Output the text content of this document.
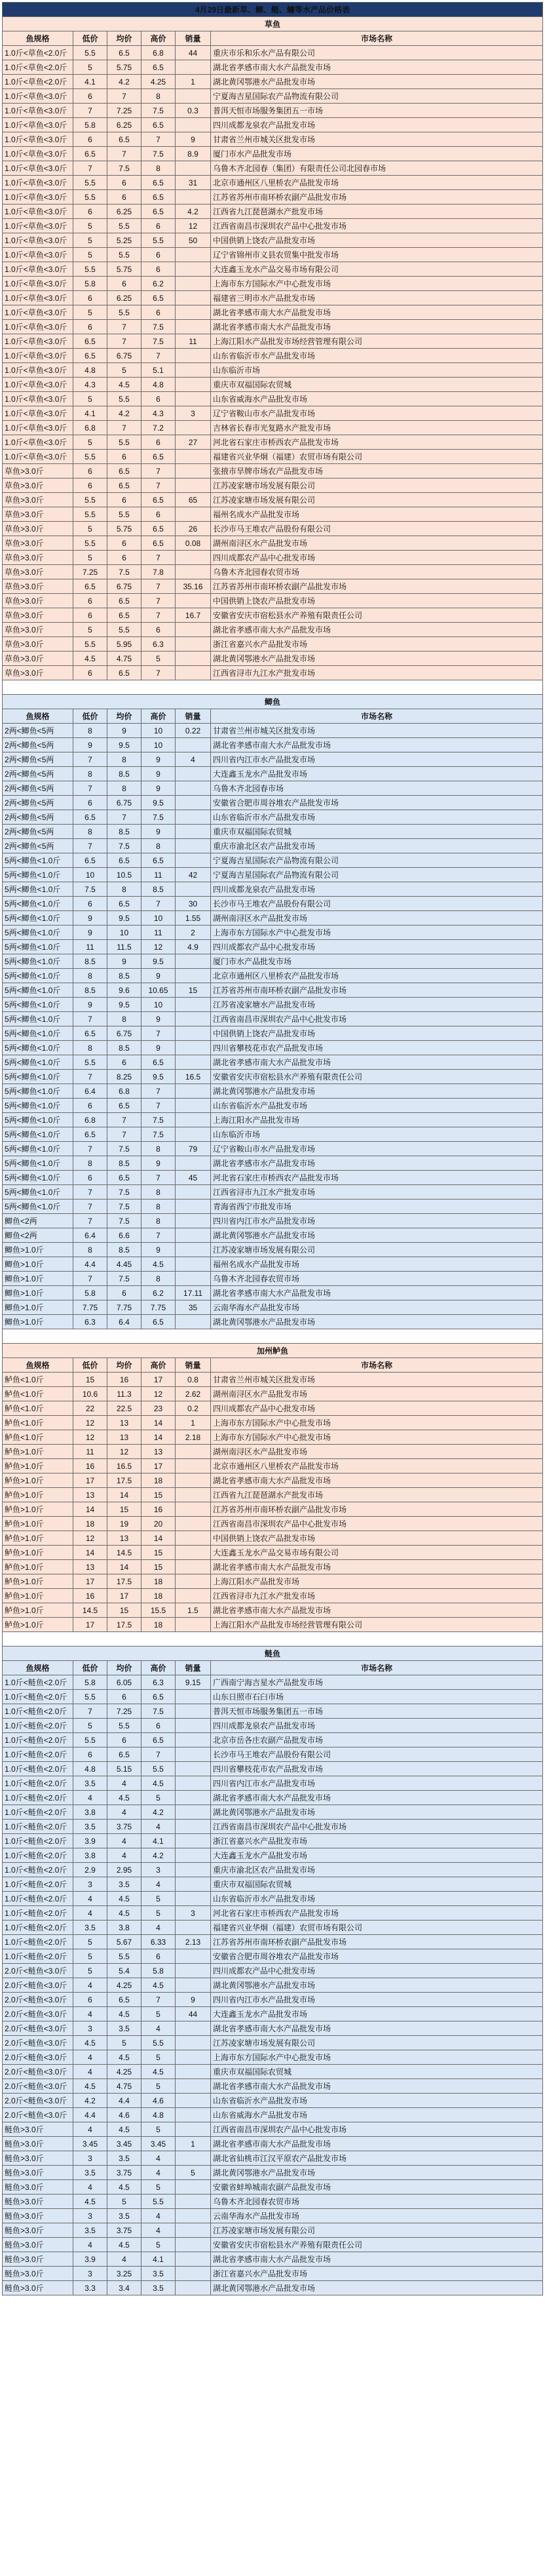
4月29日最新草、鲫、鲢、鳙等水产品价格表					
草鱼					
鱼规格	低价	均价	高价	销量	市场名称
1.0斤<草鱼<2.0斤	5.5	6.5	6.8	44	重庆市乐和乐水产品有限公司
1.0斤<草鱼<2.0斤	5	5.75	6.5		湖北省孝感市南大水产品批发市场
1.0斤<草鱼<2.0斤	4.1	4.2	4.25	1	湖北黄冈鄂港水产品批发市场
1.0斤<草鱼<3.0斤	6	7	8		宁夏海吉星国际农产品物流有限公司
1.0斤<草鱼<3.0斤	7	7.25	7.5	0.3	普洱天恒市场服务集团五一市场
1.0斤<草鱼<3.0斤	5.8	6.25	6.5		四川成都龙泉农产品批发市场
1.0斤<草鱼<3.0斤	6	6.5	7	9	甘肃省兰州市城关区批发市场
1.0斤<草鱼<3.0斤	6.5	7	7.5	8.9	厦门市水产品批发市场
1.0斤<草鱼<3.0斤	7	7.5	8		乌鲁木齐北园春（集团）有限责任公司北园春市场
1.0斤<草鱼<3.0斤	5.5	6	6.5	31	北京市通州区八里桥农产品批发市场
1.0斤<草鱼<3.0斤	5.5	6	6.5		江苏省苏州市南环桥农副产品批发市场
1.0斤<草鱼<3.0斤	6	6.25	6.5	4.2	江西省九江琵琶湖水产批发市场
1.0斤<草鱼<3.0斤	5	5.5	6	12	江西省南昌市深圳农产品中心批发市场
1.0斤<草鱼<3.0斤	5	5.25	5.5	50	中国供销上饶农产品批发市场
1.0斤<草鱼<3.0斤	5	5.5	6		辽宁省锦州市义县农贸集中批发市场
1.0斤<草鱼<3.0斤	5.5	5.75	6		大连鑫玉龙水产品交易市场有限公司
1.0斤<草鱼<3.0斤	5.8	6	6.2		上海市东方国际水产中心批发市场
1.0斤<草鱼<3.0斤	6	6.25	6.5		福建省三明市水产品批发市场
1.0斤<草鱼<3.0斤	5	5.5	6		湖北省孝感市南大水产品批发市场
1.0斤<草鱼<3.0斤	6	7	7.5		湖北省孝感市南大水产品批发市场
1.0斤<草鱼<3.0斤	6.5	7	7.5	11	上海江阳水产品批发市场经营管理有限公司
1.0斤<草鱼<3.0斤	6.5	6.75	7		山东省临沂市水产品批发市场
1.0斤<草鱼<3.0斤	4.8	5	5.1		山东临沂市场
1.0斤<草鱼<3.0斤	4.3	4.5	4.8		重庆市双福国际农贸城
1.0斤<草鱼<3.0斤	5	5.5	6		山东省威海水产品批发市场
1.0斤<草鱼<3.0斤	4.1	4.2	4.3	3	辽宁省鞍山市水产品批发市场
1.0斤<草鱼<3.0斤	6.8	7	7.2		吉林省长春市光复路水产批发市场
1.0斤<草鱼<3.0斤	5	5.5	6	27	河北省石家庄市桥西农产品批发市场
1.0斤<草鱼<3.0斤	5.5	6	6.5		福建省兴业华炯（福建）农贸市场有限公司
草鱼>3.0斤	6	6.5	7		张掖市旱牌市场农产品批发市场
草鱼>3.0斤	6	6.5	7		江苏凌家塘市场发展有限公司
草鱼>3.0斤	5.5	6	6.5	65	江苏凌家塘市场发展有限公司
草鱼>3.0斤	5.5	5.5	6		福州名成水产品批发市场
草鱼>3.0斤	5	5.75	6.5	26	长沙市马王堆农产品股份有限公司
草鱼>3.0斤	5.5	6	6.5	0.08	湖州南浔区水产品批发市场
草鱼>3.0斤	5	6	7		四川成都农产品中心批发市场
草鱼>3.0斤	7.25	7.5	7.8		乌鲁木齐北园春农贸市场
草鱼>3.0斤	6.5	6.75	7	35.16	江苏省苏州市南环桥农副产品批发市场
草鱼>3.0斤	6	6.5	7		中国供销上饶农产品批发市场
草鱼>3.0斤	6	6.5	7	16.7	安徽省安庆市宿松县水产养殖有限责任公司
草鱼>3.0斤	5	5.5	6		湖北省孝感市南大水产品批发市场
草鱼>3.0斤	5.5	5.95	6.3		浙江省嘉兴水产品批发市场
草鱼>3.0斤	4.5	4.75	5		湖北黄冈鄂港水产品批发市场
草鱼>3.0斤	6	6.5	7		江西省浔市九江水产批发市场

鲫鱼					
鱼规格	低价	均价	高价	销量	市场名称
2两<鲫鱼<5两	8	9	10	0.22	甘肃省兰州市城关区批发市场
2两<鲫鱼<5两	9	9.5	10		湖北省孝感市南大水产品批发市场
2两<鲫鱼<5两	7	8	9	4	四川省内江市水产品批发市场
2两<鲫鱼<5两	8	8.5	9		大连鑫玉龙水产品批发市场
2两<鲫鱼<5两	7	8	9		乌鲁木齐北园春市场
2两<鲫鱼<5两	6	6.75	9.5		安徽省合肥市周谷堆农产品批发市场
2两<鲫鱼<5两	6.5	7	7.5		山东省临沂市水产品批发市场
2两<鲫鱼<5两	8	8.5	9		重庆市双福国际农贸城
2两<鲫鱼<5两	7	7.5	8		重庆市渝北区农产品批发市场
5两<鲫鱼<1.0斤	6.5	6.5	6.5		宁夏海吉星国际农产品物流有限公司
5两<鲫鱼<1.0斤	10	10.5	11	42	宁夏海吉星国际农产品物流有限公司
5两<鲫鱼<1.0斤	7.5	8	8.5		四川成都龙泉农产品批发市场
5两<鲫鱼<1.0斤	6	6.5	7	30	长沙市马王堆农产品股份有限公司
5两<鲫鱼<1.0斤	9	9.5	10	1.55	湖州南浔区水产品批发市场
5两<鲫鱼<1.0斤	9	10	11	2	上海市东方国际水产中心批发市场
5两<鲫鱼<1.0斤	11	11.5	12	4.9	四川成都农产品中心批发市场
5两<鲫鱼<1.0斤	8.5	9	9.5		厦门市水产品批发市场
5两<鲫鱼<1.0斤	8	8.5	9		北京市通州区八里桥农产品批发市场
5两<鲫鱼<1.0斤	8.5	9.6	10.65	15	江苏省苏州市南环桥农副产品批发市场
5两<鲫鱼<1.0斤	9	9.5	10		江苏省凌家塘水产品批发市场
5两<鲫鱼<1.0斤	7	8	9		江西省南昌市深圳农产品中心批发市场
5两<鲫鱼<1.0斤	6.5	6.75	7		中国供销上饶农产品批发市场
5两<鲫鱼<1.0斤	8	8.5	9		四川省攀枝花市农产品批发市场
5两<鲫鱼<1.0斤	5.5	6	6.5		湖北省孝感市南大水产品批发市场
5两<鲫鱼<1.0斤	7	8.25	9.5	16.5	安徽省安庆市宿松县水产养殖有限责任公司
5两<鲫鱼<1.0斤	6.4	6.8	7		湖北黄冈鄂港水产品批发市场
5两<鲫鱼<1.0斤	6	6.5	7		山东省临沂水产品批发市场
5两<鲫鱼<1.0斤	6.8	7	7.5		上海江阳水产品批发市场
5两<鲫鱼<1.0斤	6.5	7	7.5		山东临沂市场
5两<鲫鱼<1.0斤	7	7.5	8	79	辽宁省鞍山市水产品批发市场
5两<鲫鱼<1.0斤	8	8.5	9		湖北省孝感市水产品批发市场
5两<鲫鱼<1.0斤	6	6.5	7	45	河北省石家庄市桥西农产品批发市场
5两<鲫鱼<1.0斤	7	7.5	8		江西省浔市九江水产批发市场
5两<鲫鱼<1.0斤	7	7.5	8		青海省西宁市批发市场
鲫鱼<2两	7	7.5	8		四川省内江市水产品批发市场
鲫鱼<2两	6.4	6.6	7		湖北黄冈鄂港水产品批发市场
鲫鱼>1.0斤	8	8.5	9		江苏凌家塘市场发展有限公司
鲫鱼>1.0斤	4.4	4.45	4.5		福州名成水产品批发市场
鲫鱼>1.0斤	7	7.5	8		乌鲁木齐北园春农贸市场
鲫鱼>1.0斤	5.8	6	6.2	17.11	湖北省孝感市南大水产品批发市场
鲫鱼>1.0斤	7.75	7.75	7.75	35	云南华海水产品批发市场
鲫鱼>1.0斤	6.3	6.4	6.5		湖北黄冈鄂港水产品批发市场

加州鲈鱼					
鱼规格	低价	均价	高价	销量	市场名称
鲈鱼<1.0斤	15	16	17	0.8	甘肃省兰州市城关区批发市场
鲈鱼<1.0斤	10.6	11.3	12	2.62	湖州南浔区水产品批发市场
鲈鱼<1.0斤	22	22.5	23	0.2	四川成都农产品中心批发市场
鲈鱼<1.0斤	12	13	14	1	上海市东方国际水产中心批发市场
鲈鱼<1.0斤	12	13	14	2.18	上海市东方国际水产中心批发市场
鲈鱼>1.0斤	11	12	13		湖州南浔区水产品批发市场
鲈鱼>1.0斤	16	16.5	17		北京市通州区八里桥农产品批发市场
鲈鱼>1.0斤	17	17.5	18		湖北省孝感市南大水产品批发市场
鲈鱼>1.0斤	13	14	15		江西省九江琵琶湖水产批发市场
鲈鱼>1.0斤	14	15	16		江苏省苏州市南环桥农副产品批发市场
鲈鱼>1.0斤	18	19	20		江西省南昌市深圳农产品中心批发市场
鲈鱼>1.0斤	12	13	14		中国供销上饶农产品批发市场
鲈鱼>1.0斤	14	14.5	15		大连鑫玉龙水产品交易市场有限公司
鲈鱼>1.0斤	13	14	15		湖北省孝感市南大水产品批发市场
鲈鱼>1.0斤	17	17.5	18		上海江阳水产品批发市场
鲈鱼>1.0斤	16	17	18		江西省浔市九江水产批发市场
鲈鱼>1.0斤	14.5	15	15.5	1.5	湖北省孝感市南大水产品批发市场
鲈鱼>1.0斤	17	17.5	18		上海江阳水产品批发市场经营管理有限公司

鲢鱼					
鱼规格	低价	均价	高价	销量	市场名称
1.0斤<鲢鱼<2.0斤	5.8	6.05	6.3	9.15	广西南宁海吉星水产品批发市场
1.0斤<鲢鱼<2.0斤	5.5	6	6.5		山东日照市石臼市场
1.0斤<鲢鱼<2.0斤	7	7.25	7.5		普洱天恒市场服务集团五一市场
1.0斤<鲢鱼<2.0斤	5	5.5	6		四川成都龙泉农产品批发市场
1.0斤<鲢鱼<2.0斤	5.5	6	6.5		北京市岳各庄农副产品批发市场
1.0斤<鲢鱼<2.0斤	6	6.5	7		长沙市马王堆农产品股份有限公司
1.0斤<鲢鱼<2.0斤	4.8	5.15	5.5		四川省攀枝花市农产品批发市场
1.0斤<鲢鱼<2.0斤	3.5	4	4.5		四川省内江市水产品批发市场
1.0斤<鲢鱼<2.0斤	4	4.5	5		湖北省孝感市南大水产品批发市场
1.0斤<鲢鱼<2.0斤	3.8	4	4.2		湖北黄冈鄂港水产品批发市场
1.0斤<鲢鱼<2.0斤	3.5	3.75	4		江西省南昌市深圳农产品中心批发市场
1.0斤<鲢鱼<2.0斤	3.9	4	4.1		浙江省嘉兴水产品批发市场
1.0斤<鲢鱼<2.0斤	3.8	4	4.2		大连鑫玉龙水产品批发市场
1.0斤<鲢鱼<2.0斤	2.9	2.95	3		重庆市渝北区农产品批发市场
1.0斤<鲢鱼<2.0斤	3	3.5	4		重庆市双福国际农贸城
1.0斤<鲢鱼<2.0斤	4	4.5	5		山东省临沂市水产品批发市场
1.0斤<鲢鱼<2.0斤	4	4.5	5	3	河北省石家庄市桥西农产品批发市场
1.0斤<鲢鱼<2.0斤	3.5	3.8	4		福建省兴业华炯（福建）农贸市场有限公司
1.0斤<鲢鱼<2.0斤	5	5.67	6.33	2.13	江苏省苏州市南环桥农副产品批发市场
1.0斤<鲢鱼<2.0斤	5	5.5	6		安徽省合肥市周谷堆农产品批发市场
2.0斤<鲢鱼<3.0斤	5	5.4	5.8		四川成都农产品中心批发市场
2.0斤<鲢鱼<3.0斤	4	4.25	4.5		湖北黄冈鄂港水产品批发市场
2.0斤<鲢鱼<3.0斤	6	6.5	7	9	四川省内江市水产品批发市场
2.0斤<鲢鱼<3.0斤	4	4.5	5	44	大连鑫玉龙水产品批发市场
2.0斤<鲢鱼<3.0斤	3	3.5	4		湖北省孝感市南大水产品批发市场
2.0斤<鲢鱼<3.0斤	4.5	5	5.5		江苏凌家塘市场发展有限公司
2.0斤<鲢鱼<3.0斤	4	4.5	5		上海市东方国际水产中心批发市场
2.0斤<鲢鱼<3.0斤	4	4.25	4.5		重庆市双福国际农贸城
2.0斤<鲢鱼<3.0斤	4.5	4.75	5		湖北省孝感市南大水产品批发市场
2.0斤<鲢鱼<3.0斤	4.2	4.4	4.6		山东省临沂水产品批发市场
2.0斤<鲢鱼<3.0斤	4.4	4.6	4.8		山东省威海水产品批发市场
鲢鱼>3.0斤	4	4.5	5		江西省南昌市深圳农产品中心批发市场
鲢鱼>3.0斤	3.45	3.45	3.45	1	湖北省孝感市南大水产品批发市场
鲢鱼>3.0斤	3	3.5	4		湖北省仙桃市江汉平原农产品批发市场
鲢鱼>3.0斤	3.5	3.75	4	5	湖北黄冈鄂港水产品批发市场
鲢鱼>3.0斤	4	4.5	5		安徽省蚌埠城南农副产品批发市场
鲢鱼>3.0斤	4.5	5	5.5		乌鲁木齐北园春农贸市场
鲢鱼>3.0斤	3	3.5	4		云南华海水产品批发市场
鲢鱼>3.0斤	3.5	3.75	4		江苏凌家塘市场发展有限公司
鲢鱼>3.0斤	4	4.5	5		安徽省安庆市宿松县水产养殖有限责任公司
鲢鱼>3.0斤	3.9	4	4.1		湖北省孝感市南大水产品批发市场
鲢鱼>3.0斤	3	3.25	3.5		浙江省嘉兴水产品批发市场
鲢鱼>3.0斤	3.3	3.4	3.5		湖北黄冈鄂港水产品批发市场
